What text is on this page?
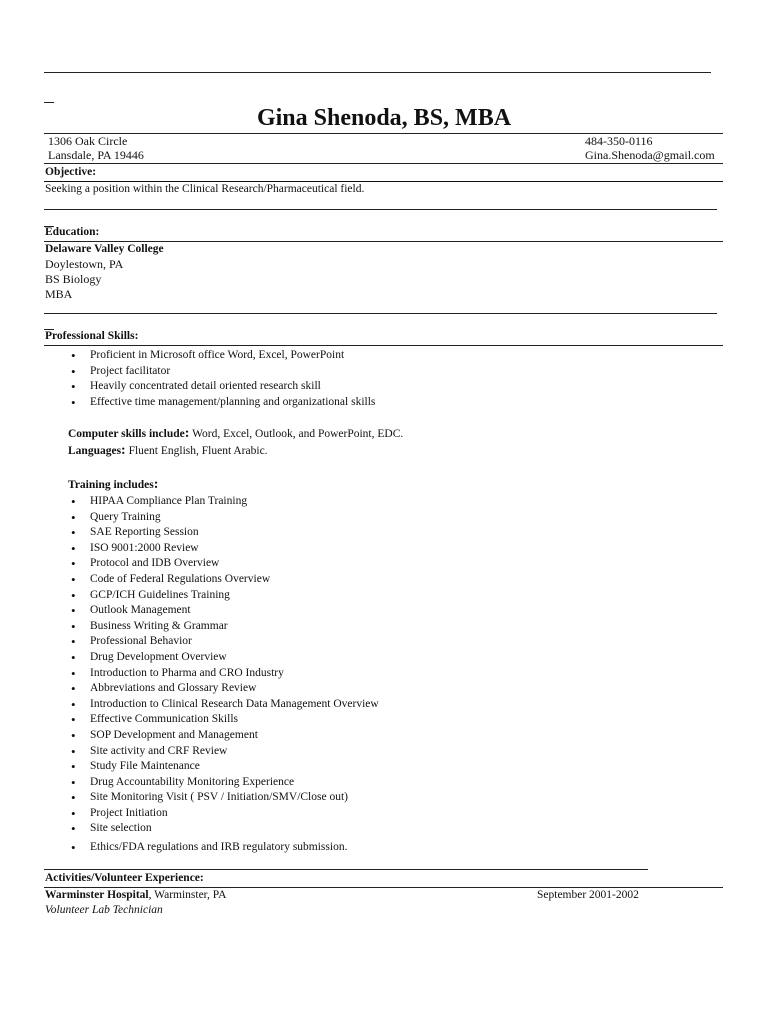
Gina Shenoda, BS, MBA
1306 Oak Circle
Lansdale, PA 19446
484-350-0116
Gina.Shenoda@gmail.com
Objective:
Seeking a position within the Clinical Research/Pharmaceutical field.
Education:
Delaware Valley College
Doylestown, PA
BS Biology
MBA
Professional Skills:
• Proficient in Microsoft office Word, Excel, PowerPoint
• Project facilitator
• Heavily concentrated detail oriented research skill
• Effective time management/planning and organizational skills
Computer skills include: Word, Excel, Outlook, and PowerPoint, EDC.
Languages: Fluent English, Fluent Arabic.
Training includes:
• HIPAA Compliance Plan Training
• Query Training
• SAE Reporting Session
• ISO 9001:2000 Review
• Protocol and IDB Overview
• Code of Federal Regulations Overview
• GCP/ICH Guidelines Training
• Outlook Management
• Business Writing & Grammar
• Professional Behavior
• Drug Development Overview
• Introduction to Pharma and CRO Industry
• Abbreviations and Glossary Review
• Introduction to Clinical Research Data Management Overview
• Effective Communication Skills
• SOP Development and Management
• Site activity and CRF Review
• Study File Maintenance
• Drug Accountability Monitoring Experience
• Site Monitoring Visit ( PSV / Initiation/SMV/Close out)
• Project Initiation
• Site selection
• Ethics/FDA regulations and IRB regulatory submission.
Activities/Volunteer Experience:
Warminster Hospital, Warminster, PA	September 2001-2002
Volunteer Lab Technician
